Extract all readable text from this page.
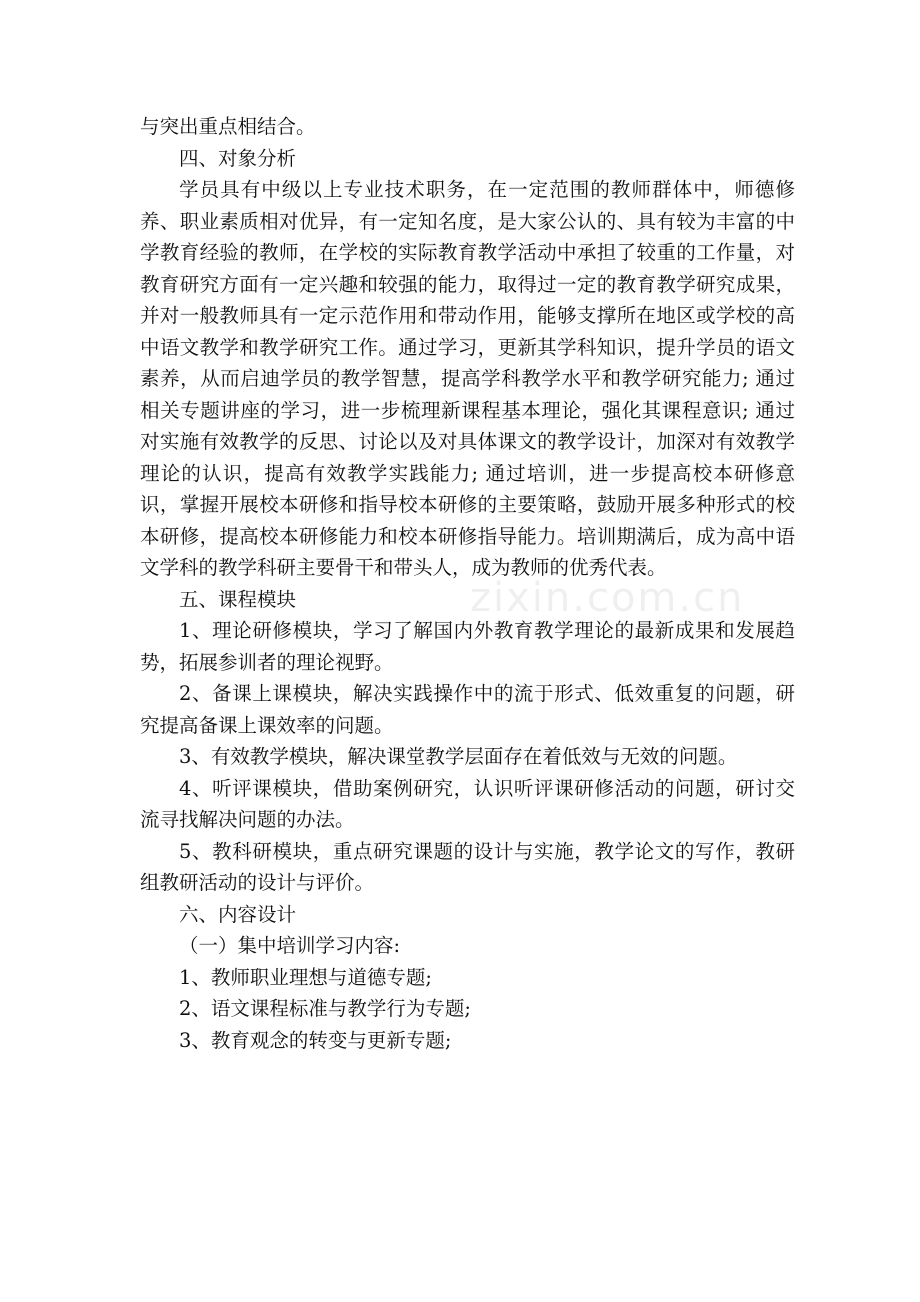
与突出重点相结合。

四、对象分析

学员具有中级以上专业技术职务，在一定范围的教师群体中，师德修养、职业素质相对优异，有一定知名度，是大家公认的、具有较为丰富的中学教育经验的教师，在学校的实际教育教学活动中承担了较重的工作量，对教育研究方面有一定兴趣和较强的能力，取得过一定的教育教学研究成果，并对一般教师具有一定示范作用和带动作用，能够支撑所在地区或学校的高中语文教学和教学研究工作。通过学习，更新其学科知识，提升学员的语文素养，从而启迪学员的教学智慧，提高学科教学水平和教学研究能力; 通过相关专题讲座的学习，进一步梳理新课程基本理论，强化其课程意识; 通过对实施有效教学的反思、讨论以及对具体课文的教学设计，加深对有效教学理论的认识，提高有效教学实践能力; 通过培训，进一步提高校本研修意识，掌握开展校本研修和指导校本研修的主要策略，鼓励开展多种形式的校本研修，提高校本研修能力和校本研修指导能力。培训期满后，成为高中语文学科的教学科研主要骨干和带头人，成为教师的优秀代表。

五、课程模块

1、理论研修模块，学习了解国内外教育教学理论的最新成果和发展趋势，拓展参训者的理论视野。

2、备课上课模块，解决实践操作中的流于形式、低效重复的问题，研究提高备课上课效率的问题。

3、有效教学模块，解决课堂教学层面存在着低效与无效的问题。

4、听评课模块，借助案例研究，认识听评课研修活动的问题，研讨交流寻找解决问题的办法。

5、教科研模块，重点研究课题的设计与实施，教学论文的写作，教研组教研活动的设计与评价。

六、内容设计

（一）集中培训学习内容:

1、教师职业理想与道德专题;

2、语文课程标准与教学行为专题;

3、教育观念的转变与更新专题;

zixin.com.cn
